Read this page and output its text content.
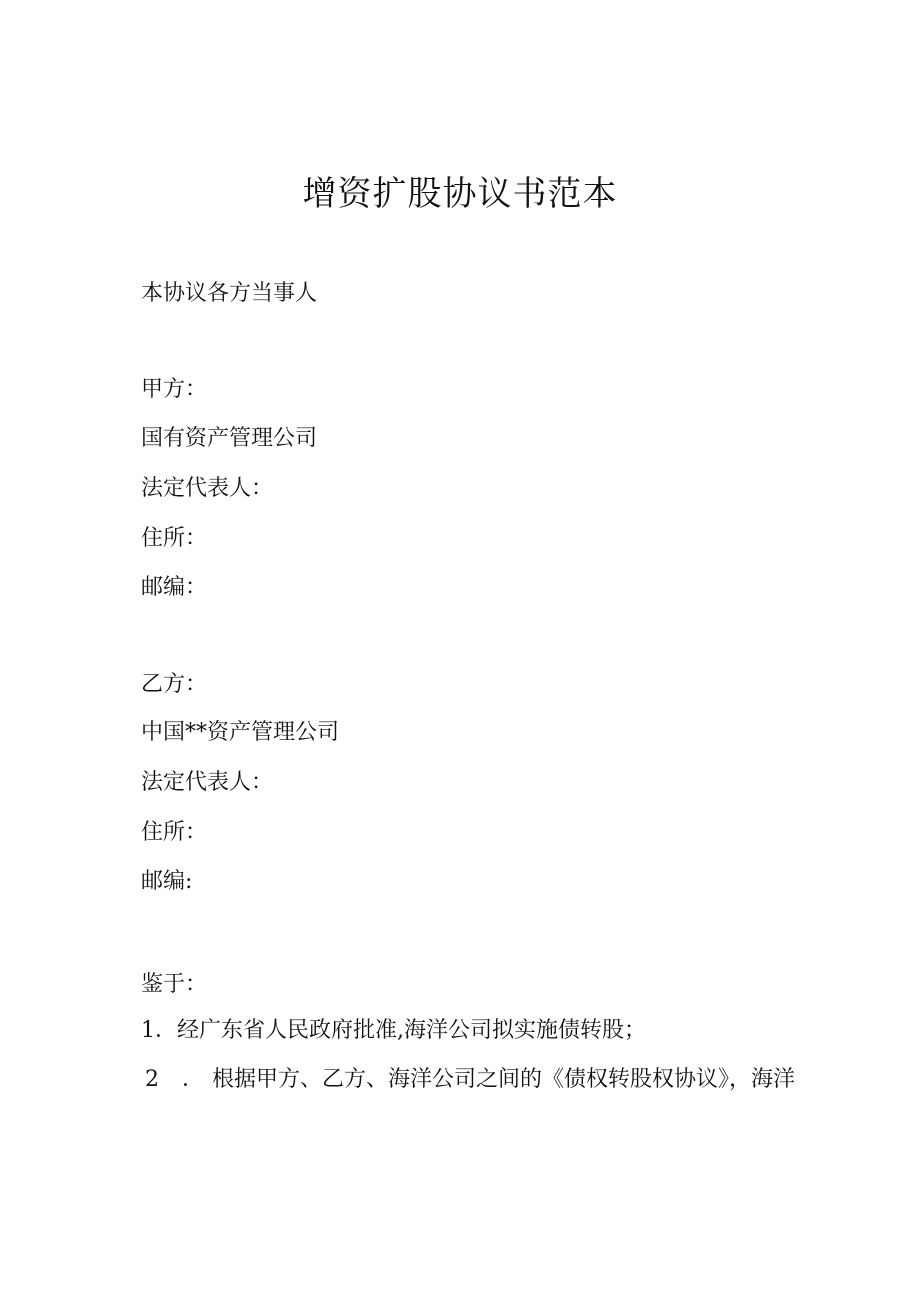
增资扩股协议书范本

本协议各方当事人

甲方：

国有资产管理公司

法定代表人：

住所：

邮编：

乙方：

中国**资产管理公司

法定代表人：

住所：

邮编:

鉴于：

1．经广东省人民政府批准,海洋公司拟实施债转股；

2 ．根据甲方、乙方、海洋公司之间的《债权转股权协议》，海洋
